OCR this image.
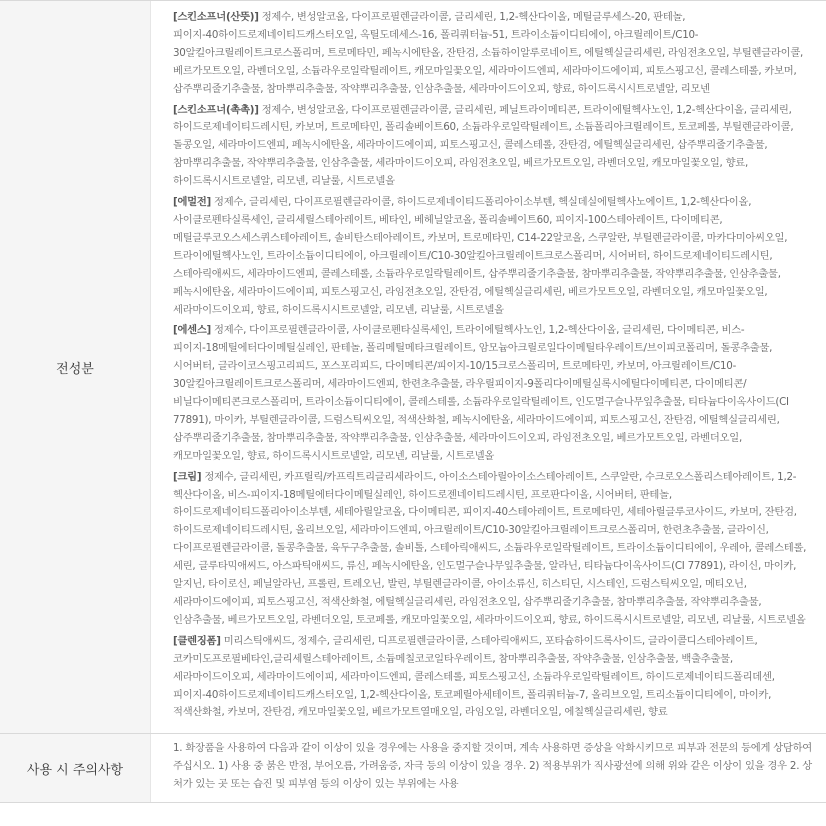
전성분
[스킨소프너(산뜻)] 정제수, 변성알코올, 다이프로필렌글라이콜, 글리세린, 1,2-헥산다이올, 메틸글루세스-20, 판테놀, 피이지-40하이드로제네이티드캐스터오일, 옥틸도데세스-16, 폴리쿼터늄-51, 트라이소듐이디티에이, 아크릴레이트/C10-30알킬아크릴레이트크로스폴리머, 트로메타민, 페녹시에탄올, 잔탄검, 소듐하이알루로네이트, 에틸헥실글리세린, 라임전초오일, 부틸렌글라이콜, 베르가모트오일, 라벤더오일, 소듐라우로일락틸레이트, 캐모마일꽃오일, 세라마이드엔피, 세라마이드에이피, 피토스핑고신, 콜레스테롤, 카보머, 삽주뿌리줄기추출물, 참마뿌리추출물, 작약뿌리추출물, 인삼추출물, 세라마이드이오피, 향료, 하이드록시시트로넬알, 리모넨
[스킨소프너(촉촉)] 정제수, 변성알코올, 다이프로필렌글라이콜, 글리세린, 페닐트라이메티콘, 트라이에틸헥사노인, 1,2-헥산다이올, 글리세린, 하이드로제네이티드레시틴, 카보머, 트로메타민, 폴리솔베이트60, 소듐라우로일락틸레이트, 소듐폴리아크릴레이트, 토코페롤, 부틸렌글라이콜, 돌콩오일, 세라마이드엔피, 페녹시에탄올, 세라마이드에이피, 피토스핑고신, 콜레스테롤, 잔탄검, 에틸헥실글리세린, 삽주뿌리줄기추출물, 참마뿌리추출물, 작약뿌리추출물, 인삼추출물, 세라마이드이오피, 라임전초오일, 베르가모트오일, 라벤더오일, 캐모마일꽃오일, 향료, 하이드록시시트로넬알, 리모넨, 리날룰, 시트로넬올
[에멀전] 정제수, 글리세린, 다이프로필렌글라이콜, 하이드로제네이티드폴리아이소부텐, 헥실데실에틸헥사노에이트, 1,2-헥산다이올, 사이클로펜타실록세인, 글리세릴스테아레이트, 베타인, 베헤닐알코올, 폴리솔베이트60, 피이지-100스테아레이트, 다이메티콘, 메틸글루코오스세스퀴스테아레이트, 솔비탄스테아레이트, 카보머, 트로메타민, C14-22알코올, 스쿠알란, 부틸렌글라이콜, 마카다미아씨오일, 트라이에틸헥사노인, 트라이소듐이디티에이, 아크릴레이트/C10-30알킬아크릴레이트크로스폴리머, 시어버터, 하이드로제네이티드레시틴, 스테아릭애씨드, 세라마이드엔피, 콜레스테롤, 소듐라우로일락틸레이트, 삽주뿌리줄기추출물, 참마뿌리추출물, 작약뿌리추출물, 인삼추출물, 페녹시에탄올, 세라마이드에이피, 피토스핑고신, 라임전초오일, 잔탄검, 에틸헥실글리세린, 베르가모트오일, 라벤더오일, 캐모마일꽃오일, 세라마이드이오피, 향료, 하이드록시시트로넬알, 리모넨, 리날룰, 시트로넬올
[에센스] 정제수, 다이프로필렌글라이콜, 사이클로펜타실록세인, 트라이에틸헥사노인, 1,2-헥산다이올, 글리세린, 다이메티콘, 비스-피이지-18메틸에터다이메틸실레인, 판테놀, 폴리메틸메타크릴레이트, 암모늄아크릴로일다이메틸타우레이트/브이피코폴리머, 돌콩추출물, 시어버터, 글라이코스핑고리피드, 포스포리피드, 다이메티콘/피이지-10/15크로스폴리머, 트로메타민, 카보머, 아크릴레이트/C10-30알킬아크릴레이트크로스폴리머, 세라마이드엔피, 한련초추출물, 라우릴피이지-9폴리다이메틸실록시에틸다이메티콘, 다이메티콘/비닐다이메티콘크로스폴리머, 트라이소듐이디티에이, 콜레스테롤, 소듐라우로일락틸레이트, 인도멀구슬나무잎추출물, 티타늄다이옥사이드(CI 77891), 마이카, 부틸렌글라이콜, 드럼스틱씨오일, 적색산화철, 페녹시에탄올, 세라마이드에이피, 피토스핑고신, 잔탄검, 에틸헥실글리세린, 삽주뿌리줄기추출물, 참마뿌리추출물, 작약뿌리추출물, 인삼추출물, 세라마이드이오피, 라임전초오일, 베르가모트오일, 라벤더오일, 캐모마일꽃오일, 향료, 하이드록시시트로넬알, 리모넨, 리날룰, 시트로넬올
[크림] 정제수, 글리세린, 카프릴릭/카프릭트리글리세라이드, 아이소스테아릴아이소스테아레이트, 스쿠알란, 수크로오스폴리스테아레이트, 1,2-헥산다이올, 비스-피이지-18메틸에터다이메틸실레인, 하이드로젠네이티드레시틴, 프로판다이올, 시어버터, 판테놀, 하이드로제네이티드폴리아이소부텐, 세테아릴알코올, 다이메티콘, 피이지-40스테아레이트, 트로메타민, 세테아릴글루코사이드, 카보머, 잔탄검, 하이드로제네이티드레시틴, 올리브오일, 세라마이드엔피, 아크릴레이트/C10-30알킬아크릴레이트크로스폴리머, 한련초추출물, 글라이신, 다이프로필렌글라이콜, 돌콩추출물, 육두구추출물, 솔비톨, 스테아릭애씨드, 소듐라우로일락틸레이트, 트라이소듐이디티에이, 우레아, 콜레스테롤, 세린, 글루타믹애씨드, 아스파틱애씨드, 류신, 페녹시에탄올, 인도멀구슬나무잎추출물, 알라닌, 티타늄다이옥사이드(CI 77891), 라이신, 마이카, 알지닌, 타이로신, 페닐알라닌, 프롤린, 트레오닌, 발린, 부틸렌글라이콜, 아이소류신, 히스티딘, 시스테인, 드럼스틱씨오일, 메티오닌, 세라마이드에이피, 피토스핑고신, 적색산화철, 에틸헥실글리세린, 라임전초오일, 삽주뿌리줄기추출물, 참마뿌리추출물, 작약뿌리추출물, 인삼추출물, 베르가모트오일, 라벤더오일, 토코페롤, 캐모마일꽃오일, 세라마이드이오피, 향료, 하이드록시시트로넬알, 리모넨, 리날룰, 시트로넬올
[클렌징폼] 미리스틱애씨드, 정제수, 글리세린, 디프로필렌글라이콜, 스테아릭애씨드, 포타슘하이드록사이드, 글라이콜디스테아레이트, 코카미도프로필베타인,글리세릴스테아레이트, 소듐메칠코코일타우레이트, 참마뿌리추출물, 작약추출물, 인삼추출물, 백출추출물, 세라마이드이오피, 세라마이드에이피, 세라마이드엔피, 콜레스테롤, 피토스핑고신, 소듐라우로일락틸레이트, 하이드로제네이티드폴리데센, 피이지-40하이드로제네이티드캐스터오일, 1,2-헥산다이올, 토코페릴아세테이트, 폴리쿼터늄-7, 올리브오일, 트리소듐이디티에이, 마이카, 적색산화철, 카보머, 잔탄검, 캐모마일꽃오일, 베르가모트열매오일, 라임오일, 라벤더오일, 에칠헥실글리세린, 향료
사용 시 주의사항
1. 화장품을 사용하여 다음과 같이 이상이 있을 경우에는 사용을 중지할 것이며, 계속 사용하면 증상을 악화시키므로 피부과 전문의 등에게 상담하여 주십시오. 1) 사용 중 붉은 반점, 부어오름, 가려움증, 자극 등의 이상이 있을 경우. 2) 적용부위가 직사광선에 의해 위와 같은 이상이 있을 경우 2. 상처가 있는 곳 또는 습진 및 피부염 등의 이상이 있는 부위에는 사용
